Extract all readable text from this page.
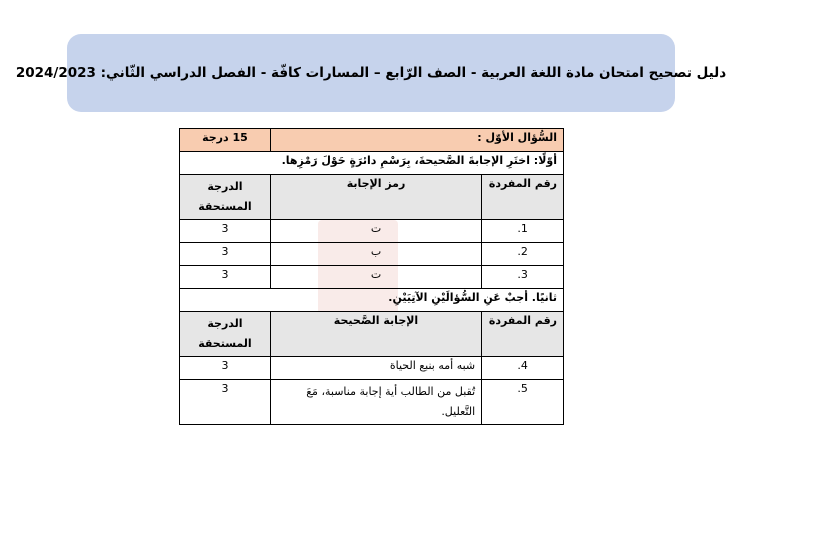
دليل تصحيح امتحان مادة اللغة العربية - الصف الرّابع – المسارات كافّة - الفصل الدراسي الثّاني: 2024/2023
السُّؤال الأوّل :		15 درجة
أوّلًا: اختَرِ الإجابةَ الصَّحيحةَ، بِرَسْمِ دائرَةٍ حَوْلَ رَمْزِها.		
رقم المفردة	رمز الإجابة	الدرجة المستحقة
1.	ت	3
2.	ب	3
3.	ت	3
ثانيًا. أجبْ عَنِ السُّؤالَيْنِ الآتِيَيْنِ.		
رقم المفردة	الإجابة الصَّحيحة	الدرجة المستحقة
4.	شبه أمه بنبع الحياة	3
5.	تُقبل من الطالب أية إجابة مناسبة، مَعَ التَّعليل.	3
